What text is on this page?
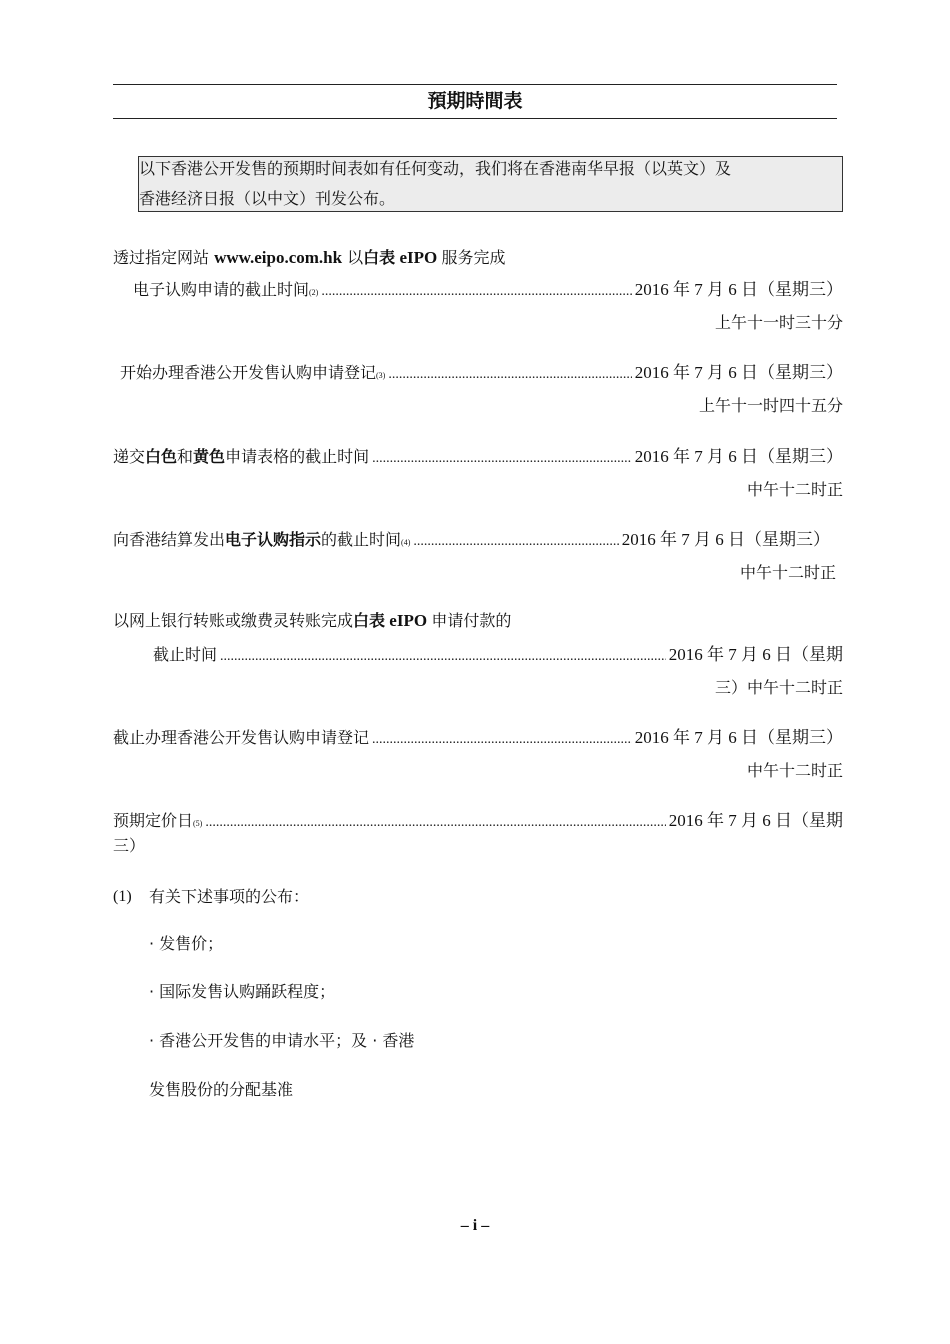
預期時間表
以下香港公开发售的预期时间表如有任何变动，我们将在香港南华早报（以英文）及
香港经济日报（以中文）刊发公布。
透过指定网站 www.eipo.com.hk 以白表 eIPO 服务完成
电子认购申请的截止时间 (2) .....	2016 年 7 月 6 日（星期三）
上午十一时三十分
开始办理香港公开发售认购申请登记 (3) .....	2016 年 7 月 6 日（星期三）
上午十一时四十五分
递交 白色 和 黄色 申请表格的截止时间 .....	2016 年 7 月 6 日（星期三）
中午十二时正
向香港结算发出 电子认购指示 的截止时间 (4) .....	2016 年 7 月 6 日（星期三）
中午十二时正
以网上银行转账或缴费灵转账完成白表 eIPO 申请付款的
截止时间 .....	2016 年 7 月 6 日（星期
三）中午十二时正
截止办理香港公开发售认购申请登记 .....	2016 年 7 月 6 日（星期三）
中午十二时正
预期定价日 (5) .....	2016 年 7 月 6 日（星期
三）
(1) 有关下述事项的公布：
· 发售价；
· 国际发售认购踊跃程度；
· 香港公开发售的申请水平；及 · 香港
发售股份的分配基准
– i –
